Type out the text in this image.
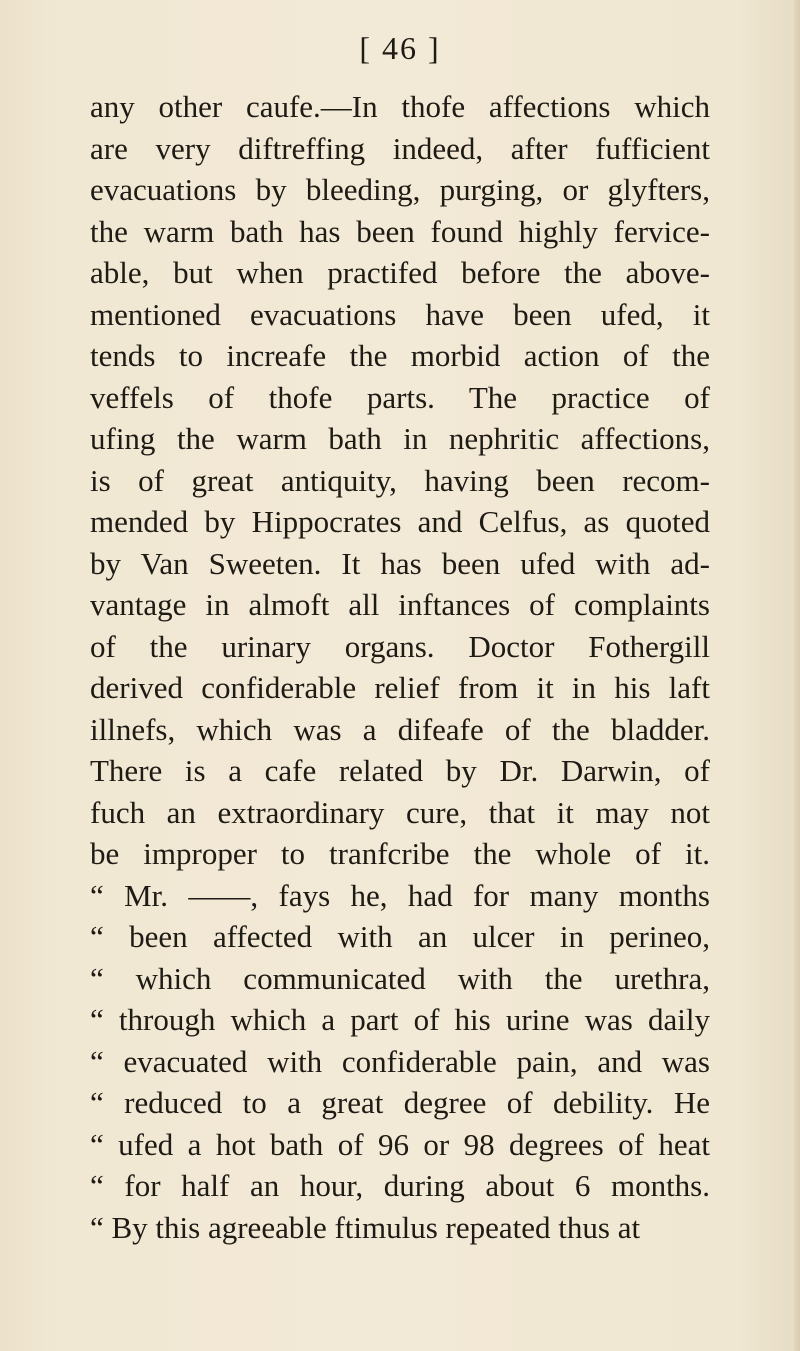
[ 46 ]
any other caufe.—In thofe affections which
are very diftreffing indeed, after fufficient
evacuations by bleeding, purging, or glyfters,
the warm bath has been found highly fervice-
able, but when practifed before the above-
mentioned evacuations have been ufed, it
tends to increafe the morbid action of the
veffels of thofe parts. The practice of
ufing the warm bath in nephritic affections,
is of great antiquity, having been recom-
mended by Hippocrates and Celfus, as quoted
by Van Sweeten. It has been ufed with ad-
vantage in almoft all inftances of complaints
of the urinary organs. Doctor Fothergill
derived confiderable relief from it in his laft
illnefs, which was a difeafe of the bladder.
There is a cafe related by Dr. Darwin, of
fuch an extraordinary cure, that it may not
be improper to tranfcribe the whole of it.
“ Mr. ——, fays he, had for many months
“ been affected with an ulcer in perineo,
“ which communicated with the urethra,
“ through which a part of his urine was daily
“ evacuated with confiderable pain, and was
“ reduced to a great degree of debility. He
“ ufed a hot bath of 96 or 98 degrees of heat
“ for half an hour, during about 6 months.
“ By this agreeable ftimulus repeated thus at
